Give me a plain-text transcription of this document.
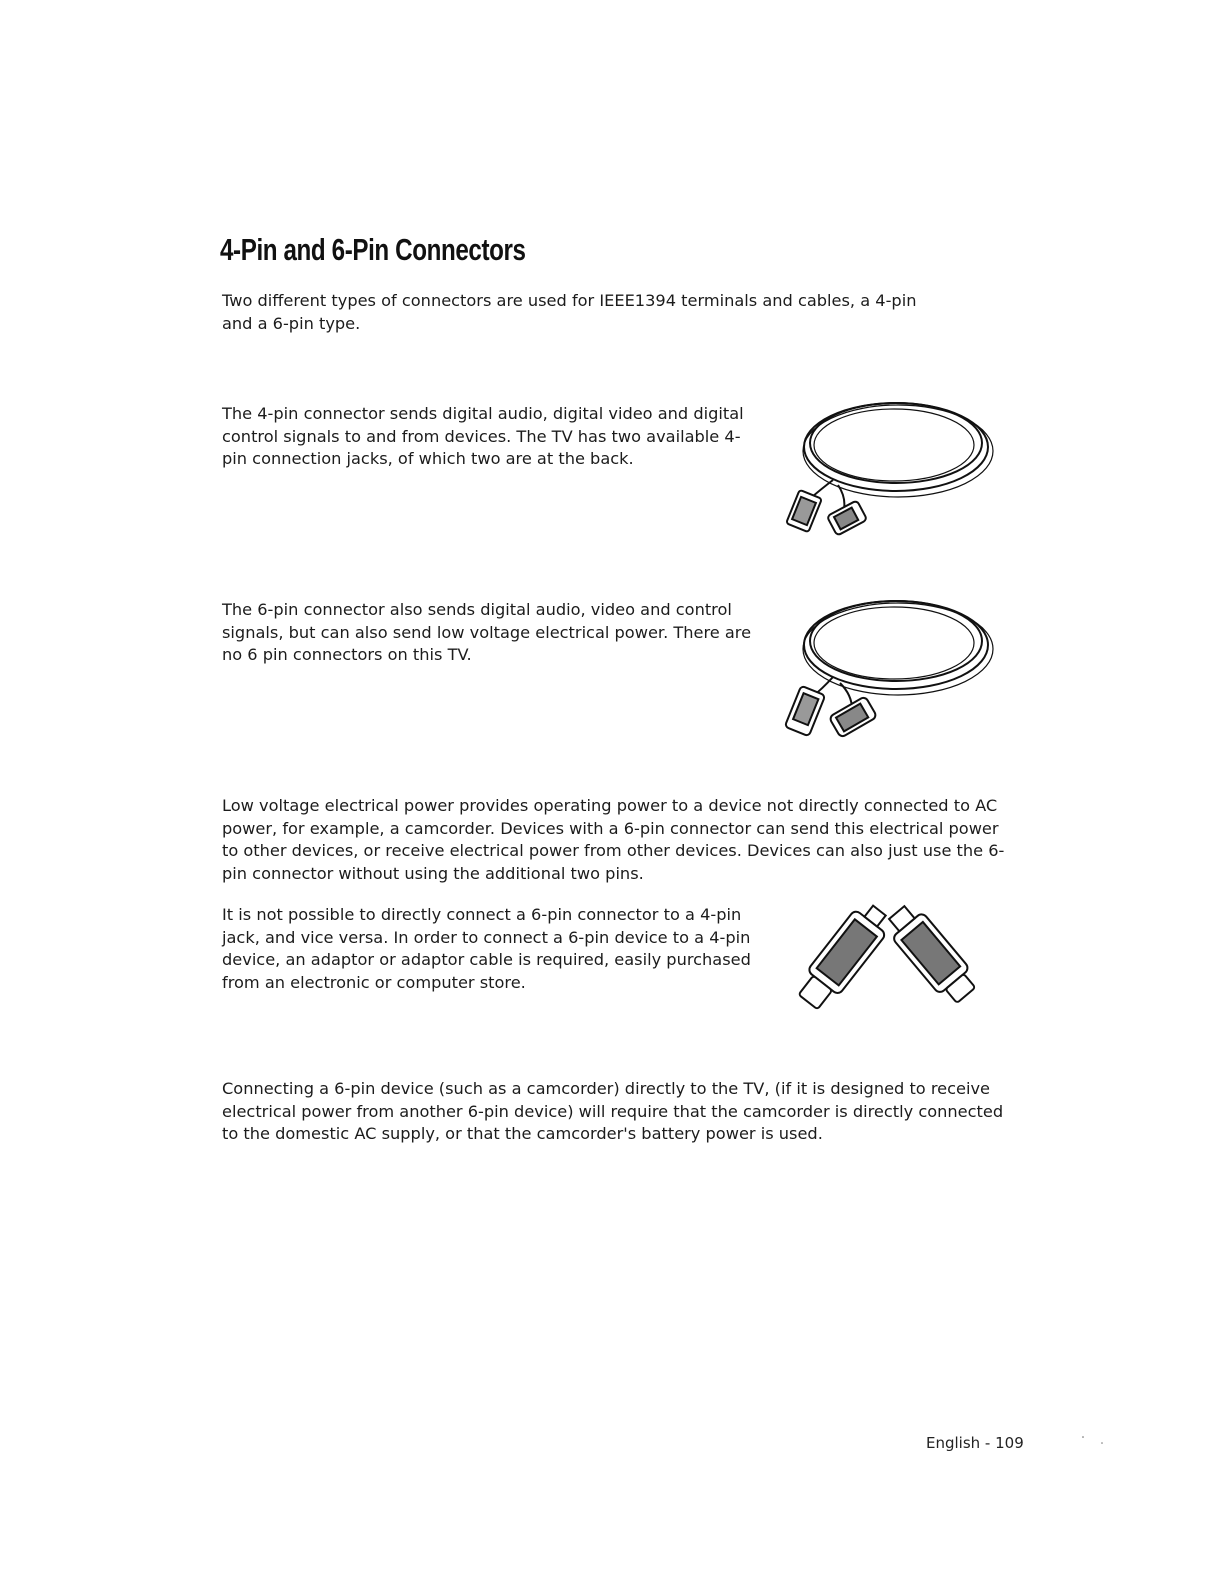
4-Pin and 6-Pin Connectors

Two different types of connectors are used for IEEE1394 terminals and cables, a 4-pin and a 6-pin type.

The 4-pin connector sends digital audio, digital video and digital control signals to and from devices. The TV has two available 4-pin connection jacks, of which two are at the back.

The 6-pin connector also sends digital audio, video and control signals, but can also send low voltage electrical power. There are no 6 pin connectors on this TV.

Low voltage electrical power provides operating power to a device not directly connected to AC power, for example, a camcorder. Devices with a 6-pin connector can send this electrical power to other devices, or receive electrical power from other devices. Devices can also just use the 6-pin connector without using the additional two pins.

It is not possible to directly connect a 6-pin connector to a 4-pin jack, and vice versa. In order to connect a 6-pin device to a 4-pin device, an adaptor or adaptor cable is required, easily purchased from an electronic or computer store.

Connecting a 6-pin device (such as a camcorder) directly to the TV, (if it is designed to receive electrical power from another 6-pin device) will require that the camcorder is directly connected to the domestic AC supply, or that the camcorder's battery power is used.

English - 109
